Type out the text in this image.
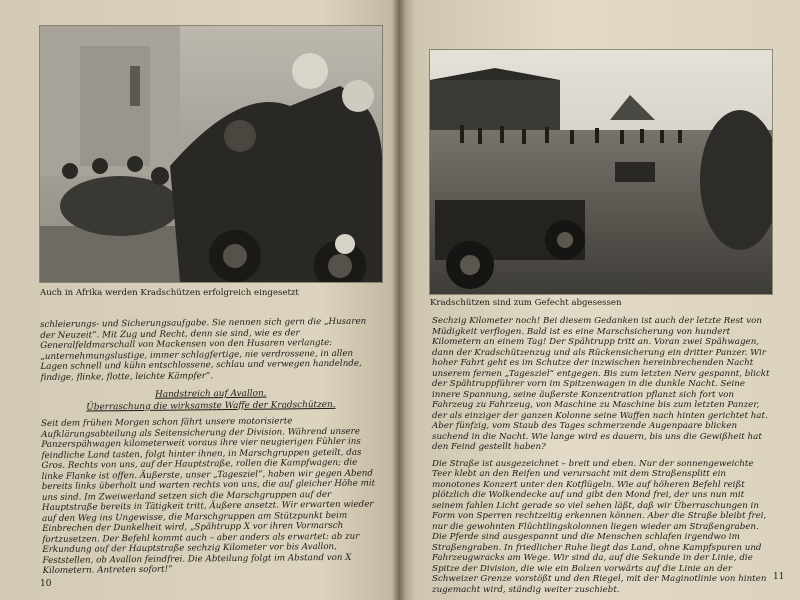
Auch in Afrika werden Kradschützen erfolgreich eingesetzt

schleierungs- und Sicherungsaufgabe. Sie nennen sich gern die „Husaren der Neuzeit“. Mit Zug und Recht, denn sie sind, wie es der Generalfeldmarschall von Mackensen von den Husaren verlangte: „unternehmungslustige, immer schlagfertige, nie verdrossene, in allen Lagen schnell und kühn entschlossene, schlau und verwegen handelnde, findige, flinke, flotte, leichte Kämpfer“.

Handstreich auf Avallon.
Überraschung die wirksamste Waffe der Kradschützen.

Seit dem frühen Morgen schon fährt unsere motorisierte Aufklärungsabteilung als Seitensicherung der Division. Während unsere Panzerspähwagen kilometerweit voraus ihre vier neugierigen Fühler ins feindliche Land tasten, folgt hinter ihnen, in Marschgruppen geteilt, das Gros. Rechts von uns, auf der Hauptstraße, rollen die Kampfwagen; die linke Flanke ist offen. Äußerste, unser „Tagesziel“, haben wir gegen Abend bereits links überholt und warten rechts von uns, die auf gleicher Höhe mit uns sind. Im Zweiwerland setzen sich die Marschgruppen auf der Hauptstraße bereits in Tätigkeit tritt, Äußere ansetzt. Wir erwarten wieder auf den Weg ins Ungewisse, die Marschgruppen am Stützpunkt beim Einbrechen der Dunkelheit wird, „Spähtrupp X vor ihren Vormarsch fortzusetzen. Der Befehl kommt auch – aber anders als erwartet: ab zur Erkundung auf der Hauptstraße sechzig Kilometer vor bis Avallon, Feststellen, ob Avallon feindfrei. Die Abteilung folgt im Abstand von X Kilometern. Antreten sofort!“

10
Kradschützen sind zum Gefecht abgesessen

Sechzig Kilometer noch! Bei diesem Gedanken ist auch der letzte Rest von Müdigkeit verflogen. Bald ist es eine Marschsicherung von hundert Kilometern an einem Tag! Der Spähtrupp tritt an. Voran zwei Spähwagen, dann der Kradschützenzug und als Rückensicherung ein dritter Panzer. Wir hoher Fahrt geht es im Schutze der inzwischen hereinbrechenden Nacht unserem fernen „Tagesziel“ entgegen. Bis zum letzten Nerv gespannt, blickt der Spähtruppführer vorn im Spitzenwagen in die dunkle Nacht. Seine innere Spannung, seine äußerste Konzentration pflanzt sich fort von Fahrzeug zu Fahrzeug, von Maschine zu Maschine bis zum letzten Panzer, der als einziger der ganzen Kolonne seine Waffen nach hinten gerichtet hat. Aber fünfzig, vom Staub des Tages schmerzende Augenpaare blicken suchend in die Nacht. Wie lange wird es dauern, bis uns die Gewißheit hat den Feind gestellt haben?

Die Straße ist ausgezeichnet – breit und eben. Nur der sonnengeweichte Teer klebt an den Reifen und verursacht mit dem Straßensplitt ein monotones Konzert unter den Kotflügeln. Wie auf höheren Befehl reißt plötzlich die Wolkendecke auf und gibt den Mond frei, der uns nun mit seinem fahlen Licht gerade so viel sehen läßt, daß wir Überraschungen in Form von Sperren rechtzeitig erkennen können. Aber die Straße bleibt frei, nur die gewohnten Flüchtlingskolonnen liegen wieder am Straßengraben. Die Pferde sind ausgespannt und die Menschen schlafen irgendwo im Straßengraben. In friedlicher Ruhe liegt das Land, ohne Kampfspuren und Fahrzeugwracks am Wege. Wir sind da, auf die Sekunde in der Linie, die Spitze der Division, die wie ein Bolzen vorwärts auf die Linie an der Schweizer Grenze vorstößt und den Riegel, mit der Maginotlinie von hinten zugemacht wird, ständig weiter zuschiebt.

11
